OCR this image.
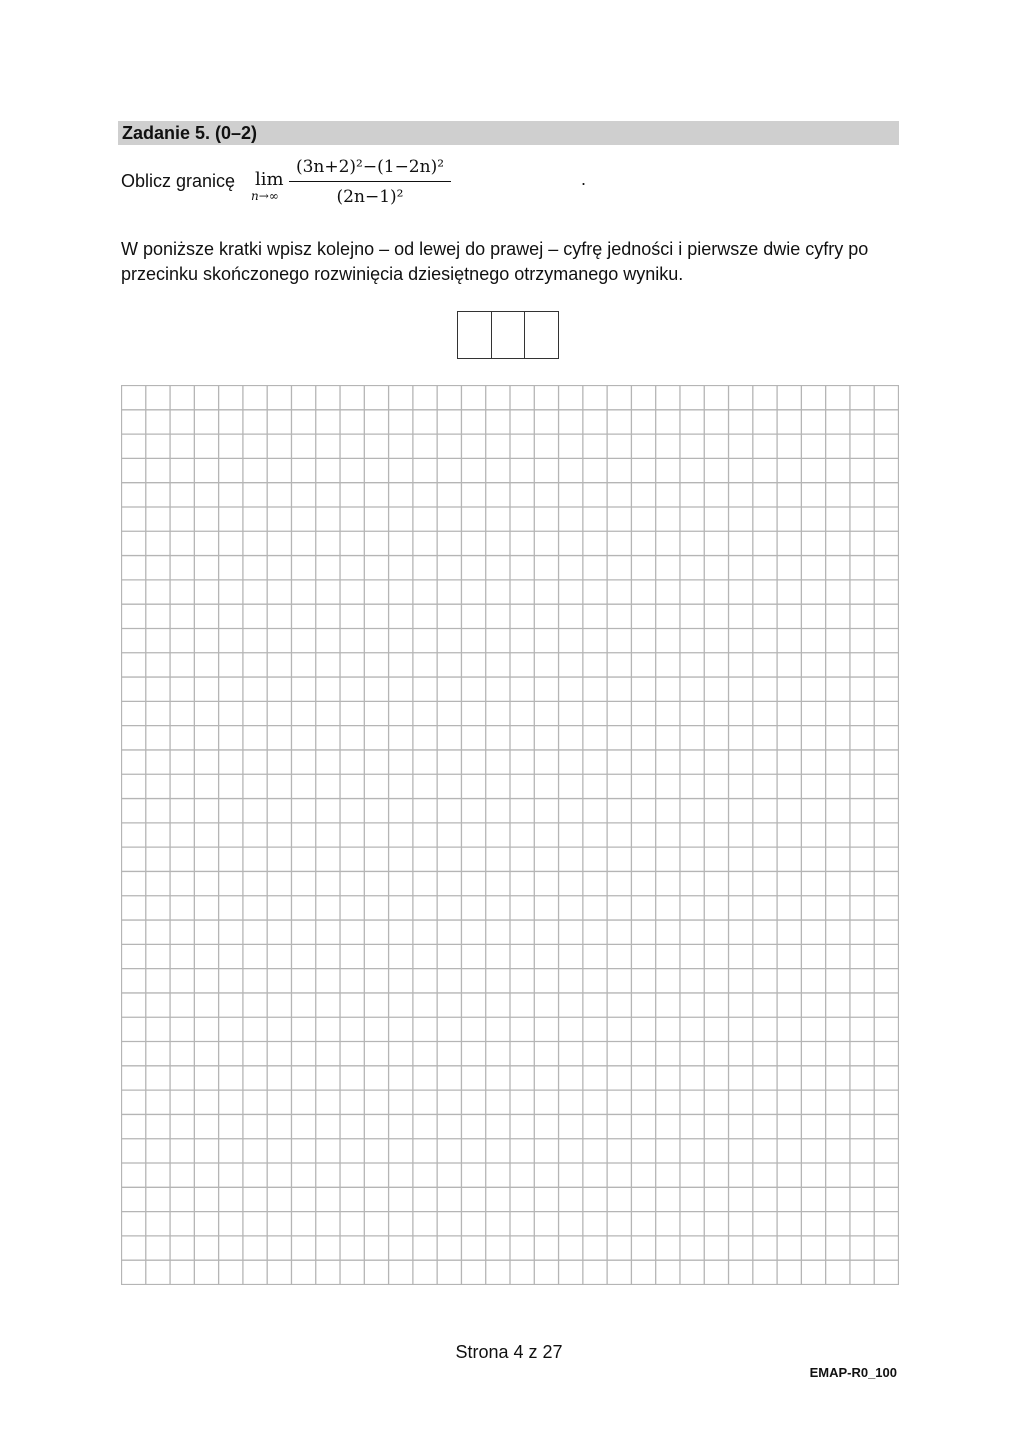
Zadanie 5. (0–2)
Oblicz granicę lim
n→∞
(3n+2)²−(1−2n)²
(2n−1)²
.
W poniższe kratki wpisz kolejno – od lewej do prawej – cyfrę jedności i pierwsze dwie cyfry po
przecinku skończonego rozwinięcia dziesiętnego otrzymanego wyniku.
Strona 4 z 27
EMAP-R0_100
